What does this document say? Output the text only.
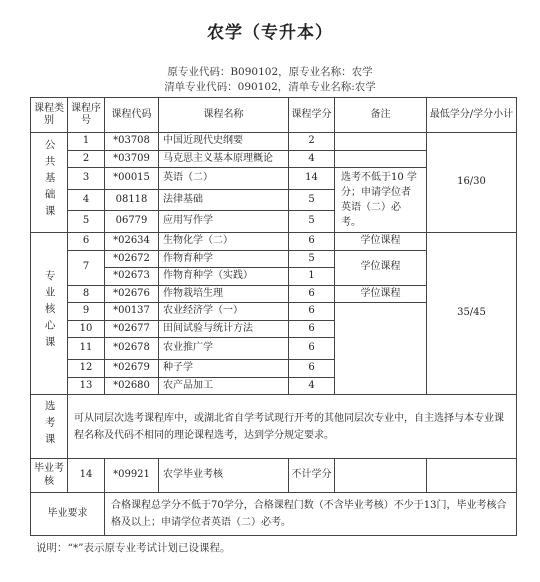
农学（专升本）
原专业代码：B090102，原专业名称：农学
清单专业代码：090102，清单专业名称:农学
课程类别	课程序号	课程代码	课程名称	课程学分	备注	最低学分/学分小计
公共基础课	1	*03708	中国近现代史纲要	2		16/30
	2	*03709	马克思主义基本原理概论	4		
	3	*00015	英语（二）	14	选考不低于10 学分；申请学位者英语（二）必考。	
	4	08118	法律基础	5		
	5	06779	应用写作学	5		
专业核心课	6	*02634	生物化学（二）	6	学位课程	35/45
	7	*02672	作物育种学	5	学位课程	
		*02673	作物育种学（实践）	1		
	8	*02676	作物栽培生理	6	学位课程	
	9	*00137	农业经济学（一）	6		
	10	*02677	田间试验与统计方法	6		
	11	*02678	农业推广学	6		
	12	*02679	种子学	6		
	13	*02680	农产品加工	4		
选考课	可从同层次选考课程库中，或湖北省自学考试现行开考的其他同层次专业中，自主选择与本专业课程名称及代码不相同的理论课程选考，达到学分规定要求。					
毕业考核	14	*09921	农学毕业考核	不计学分		
毕业要求		合格课程总学分不低于70学分，合格课程门数（不含毕业考核）不少于13门，毕业考核合格及以上；申请学位者英语（二）必考。				
说明：“*”表示原专业考试计划已设课程。
